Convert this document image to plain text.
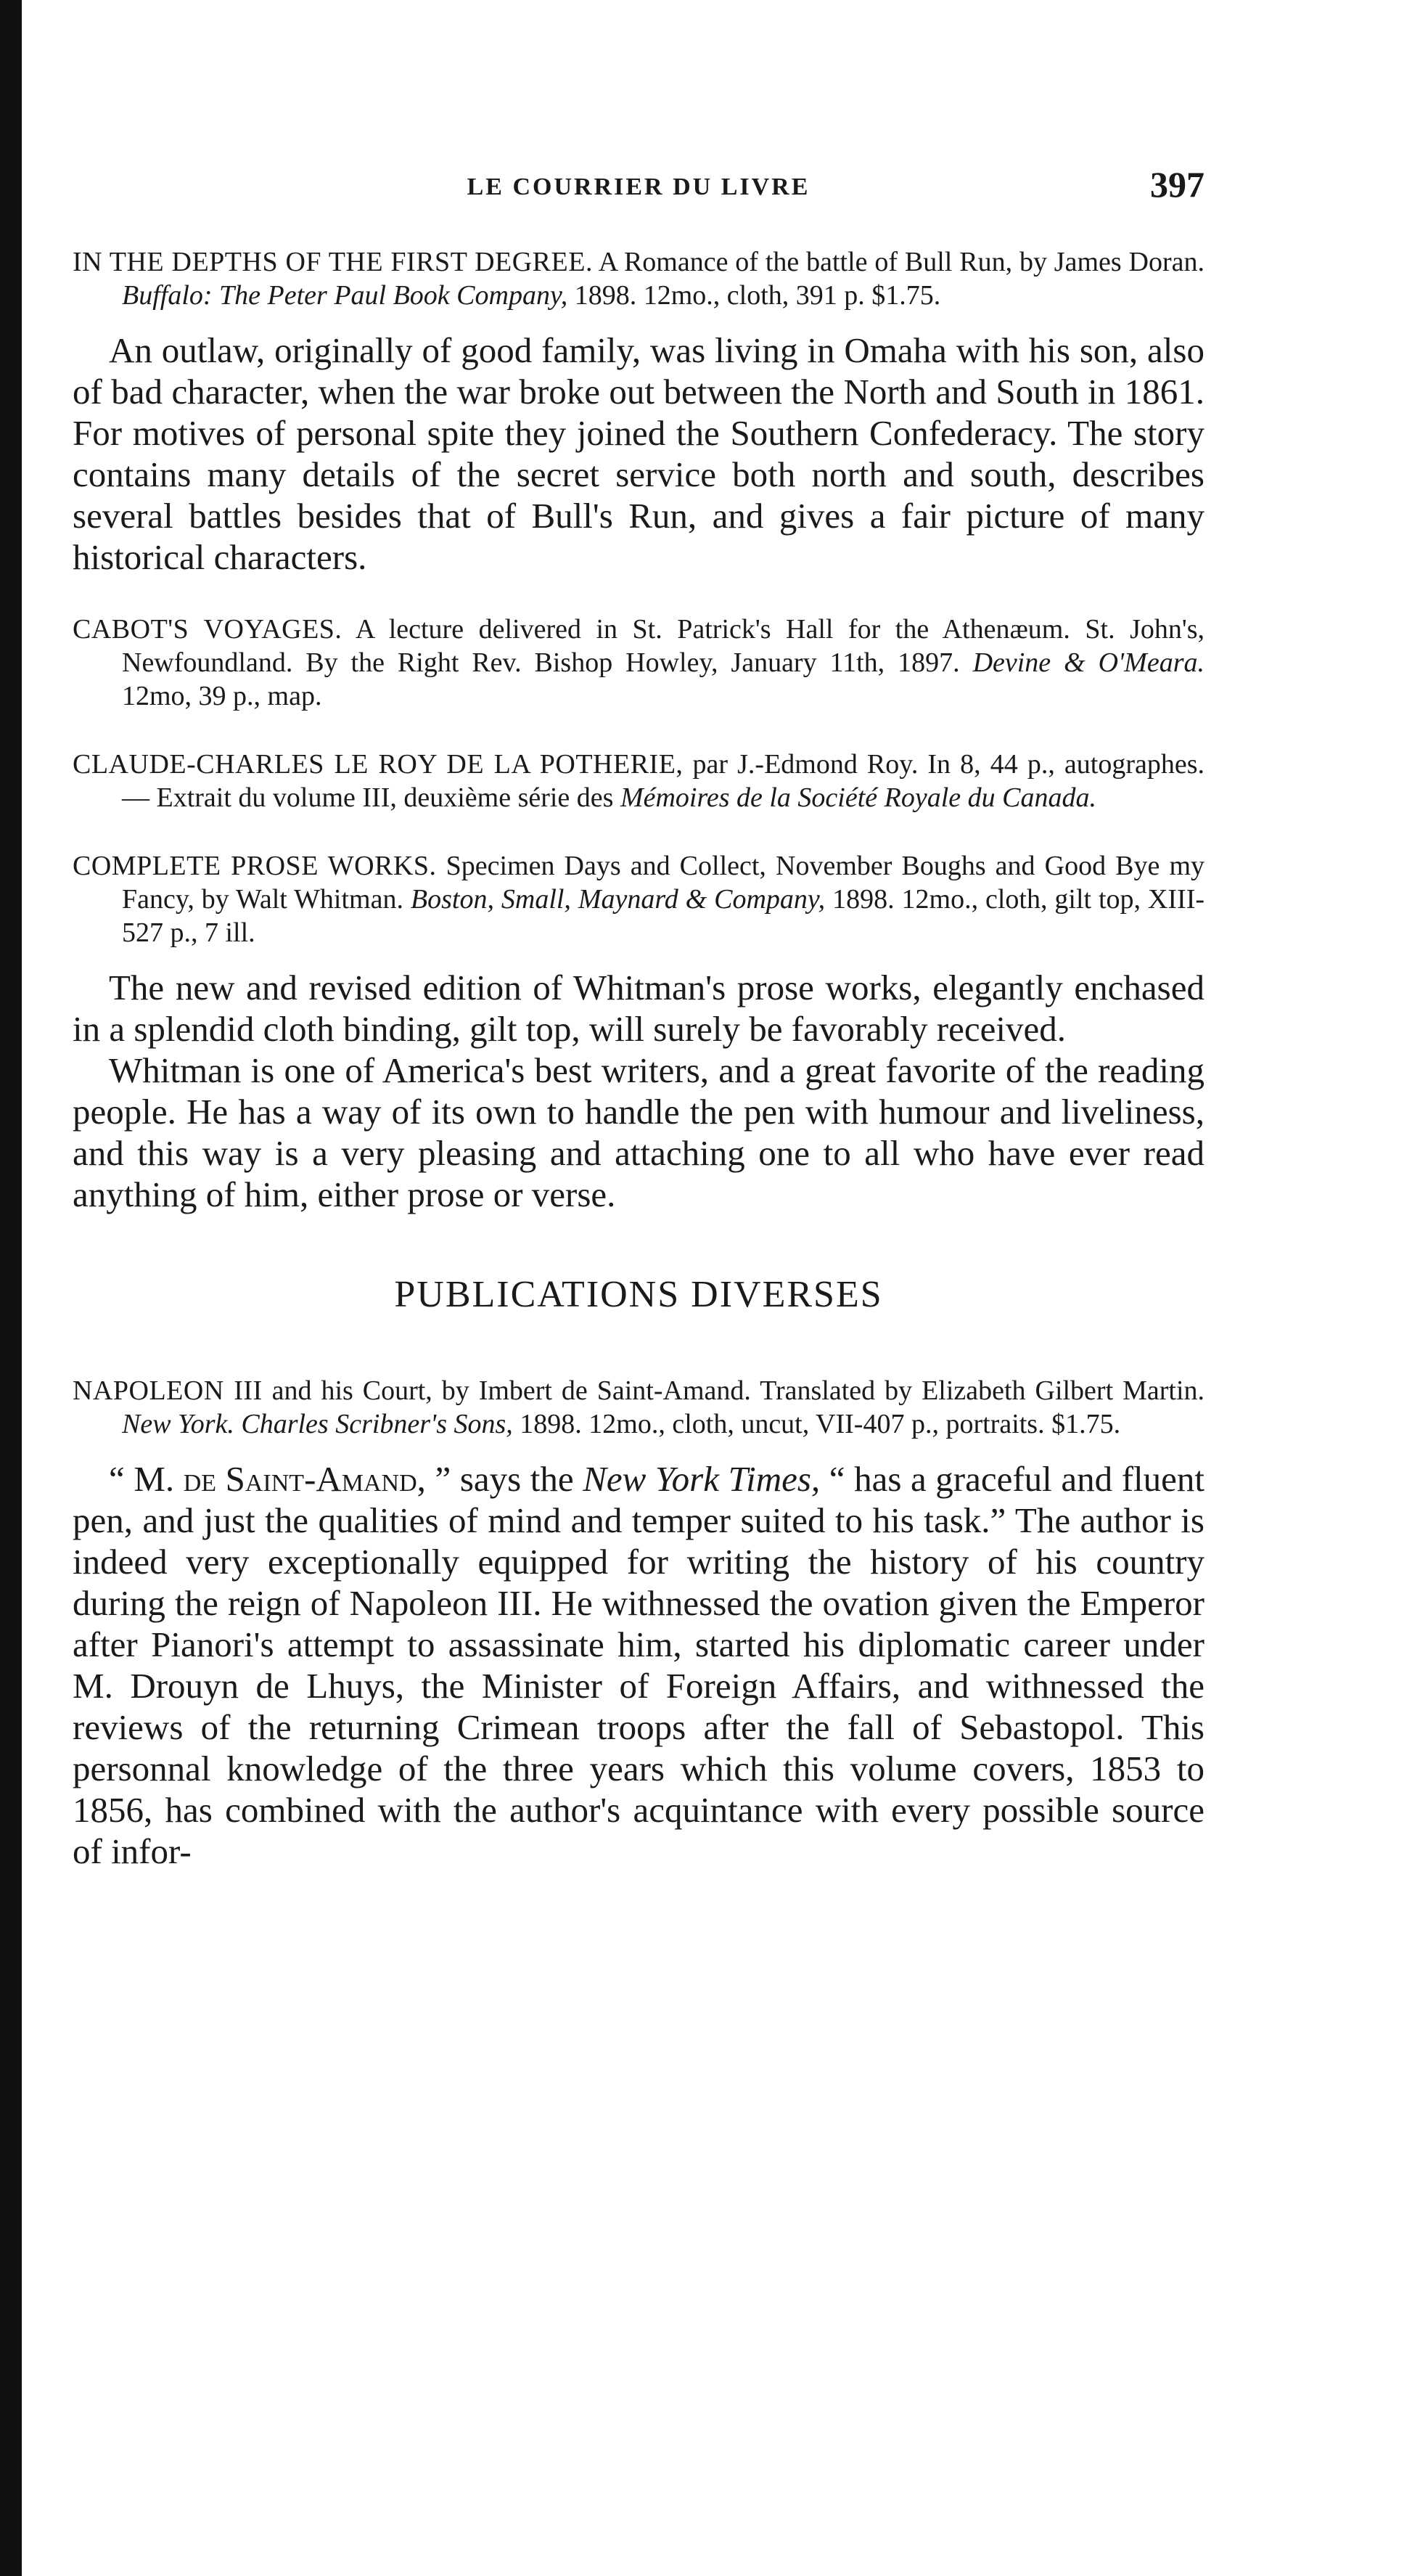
LE COURRIER DU LIVRE	397

IN THE DEPTHS OF THE FIRST DEGREE. A Romance of the battle of Bull Run, by James Doran. Buffalo: The Peter Paul Book Company, 1898. 12mo., cloth, 391 p. $1.75.

An outlaw, originally of good family, was living in Omaha with his son, also of bad character, when the war broke out between the North and South in 1861. For motives of personal spite they joined the Southern Confederacy. The story contains many details of the secret service both north and south, describes several battles besides that of Bull's Run, and gives a fair picture of many historical characters.

CABOT'S VOYAGES. A lecture delivered in St. Patrick's Hall for the Athenæum. St. John's, Newfoundland. By the Right Rev. Bishop Howley, January 11th, 1897. Devine & O'Meara. 12mo, 39 p., map.

CLAUDE-CHARLES LE ROY DE LA POTHERIE, par J.-Edmond Roy. In 8, 44 p., autographes. — Extrait du volume III, deuxième série des Mémoires de la Société Royale du Canada.

COMPLETE PROSE WORKS. Specimen Days and Collect, November Boughs and Good Bye my Fancy, by Walt Whitman. Boston, Small, Maynard & Company, 1898. 12mo., cloth, gilt top, XIII-527 p., 7 ill.

The new and revised edition of Whitman's prose works, elegantly enchased in a splendid cloth binding, gilt top, will surely be favorably received.

Whitman is one of America's best writers, and a great favorite of the reading people. He has a way of its own to handle the pen with humour and liveliness, and this way is a very pleasing and attaching one to all who have ever read anything of him, either prose or verse.

PUBLICATIONS DIVERSES

NAPOLEON III and his Court, by Imbert de Saint-Amand. Translated by Elizabeth Gilbert Martin. New York. Charles Scribner's Sons, 1898. 12mo., cloth, uncut, VII-407 p., portraits. $1.75.

“ M. de Saint-Amand, ” says the New York Times, “ has a graceful and fluent pen, and just the qualities of mind and temper suited to his task.” The author is indeed very exceptionally equipped for writing the history of his country during the reign of Napoleon III. He withnessed the ovation given the Emperor after Pianori's attempt to assassinate him, started his diplomatic career under M. Drouyn de Lhuys, the Minister of Foreign Affairs, and withnessed the reviews of the returning Crimean troops after the fall of Sebastopol. This personnal knowledge of the three years which this volume covers, 1853 to 1856, has combined with the author's acquintance with every possible source of infor-
